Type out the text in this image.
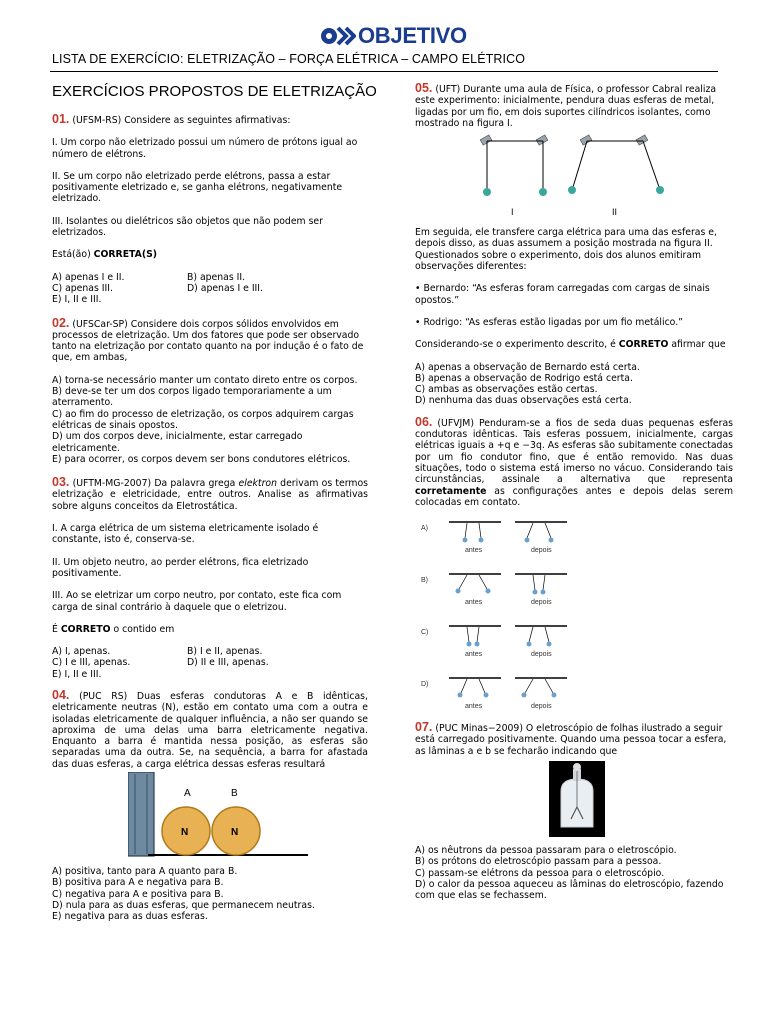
OBJETIVO
LISTA DE EXERCÍCIO: ELETRIZAÇÃO – FORÇA ELÉTRICA – CAMPO ELÉTRICO
EXERCÍCIOS PROPOSTOS DE ELETRIZAÇÃO

01. (UFSM-RS) Considere as seguintes afirmativas:

I. Um corpo não eletrizado possui um número de prótons igual ao número de elétrons.

II. Se um corpo não eletrizado perde elétrons, passa a estar positivamente eletrizado e, se ganha elétrons, negativamente eletrizado.

III. Isolantes ou dielétricos são objetos que não podem ser eletrizados.

Está(ão) CORRETA(S)

A) apenas I e II.	B) apenas II.
C) apenas III.	D) apenas I e III.
E) I, II e III.

02. (UFSCar-SP) Considere dois corpos sólidos envolvidos em processos de eletrização. Um dos fatores que pode ser observado tanto na eletrização por contato quanto na por indução é o fato de que, em ambas,

A) torna-se necessário manter um contato direto entre os corpos.
B) deve-se ter um dos corpos ligado temporariamente a um aterramento.
C) ao fim do processo de eletrização, os corpos adquirem cargas elétricas de sinais opostos.
D) um dos corpos deve, inicialmente, estar carregado eletricamente.
E) para ocorrer, os corpos devem ser bons condutores elétricos.

03. (UFTM-MG-2007) Da palavra grega elektron derivam os termos eletrização e eletricidade, entre outros. Analise as afirmativas sobre alguns conceitos da Eletrostática.

I. A carga elétrica de um sistema eletricamente isolado é constante, isto é, conserva-se.

II. Um objeto neutro, ao perder elétrons, fica eletrizado positivamente.

III. Ao se eletrizar um corpo neutro, por contato, este fica com carga de sinal contrário à daquele que o eletrizou.

É CORRETO o contido em

A) I, apenas.	B) I e II, apenas.
C) I e III, apenas.	D) II e III, apenas.
E) I, II e III.

04. (PUC RS) Duas esferas condutoras A e B idênticas, eletricamente neutras (N), estão em contato uma com a outra e isoladas eletricamente de qualquer influência, a não ser quando se aproxima de uma delas uma barra eletricamente negativa. Enquanto a barra é mantida nessa posição, as esferas são separadas uma da outra. Se, na sequência, a barra for afastada das duas esferas, a carga elétrica dessas esferas resultará

A	B
N	N
A) positiva, tanto para A quanto para B.
B) positiva para A e negativa para B.
C) negativa para A e positiva para B.
D) nula para as duas esferas, que permanecem neutras.
E) negativa para as duas esferas.

05. (UFT) Durante uma aula de Física, o professor Cabral realiza este experimento: inicialmente, pendura duas esferas de metal, ligadas por um fio, em dois suportes cilíndricos isolantes, como mostrado na figura I.

I	II

Em seguida, ele transfere carga elétrica para uma das esferas e, depois disso, as duas assumem a posição mostrada na figura II. Questionados sobre o experimento, dois dos alunos emitiram observações diferentes:

• Bernardo: “As esferas foram carregadas com cargas de sinais opostos.”

• Rodrigo: “As esferas estão ligadas por um fio metálico.”

Considerando-se o experimento descrito, é CORRETO afirmar que

A) apenas a observação de Bernardo está certa.
B) apenas a observação de Rodrigo está certa.
C) ambas as observações estão certas.
D) nenhuma das duas observações está certa.

06. (UFVJM) Penduram-se a fios de seda duas pequenas esferas condutoras idênticas. Tais esferas possuem, inicialmente, cargas elétricas iguais a +q e −3q. As esferas são subitamente conectadas por um fio condutor fino, que é então removido. Nas duas situações, todo o sistema está imerso no vácuo. Considerando tais circunstâncias, assinale a alternativa que representa corretamente as configurações antes e depois delas serem colocadas em contato.

A)
antes	depois
B)
antes	depois
C)
antes	depois
D)
antes	depois

07. (PUC Minas−2009) O eletroscópio de folhas ilustrado a seguir está carregado positivamente. Quando uma pessoa tocar a esfera, as lâminas a e b se fecharão indicando que

A) os nêutrons da pessoa passaram para o eletroscópio.
B) os prótons do eletroscópio passam para a pessoa.
C) passam-se elétrons da pessoa para o eletroscópio.
D) o calor da pessoa aqueceu as lâminas do eletroscópio, fazendo com que elas se fechassem.
